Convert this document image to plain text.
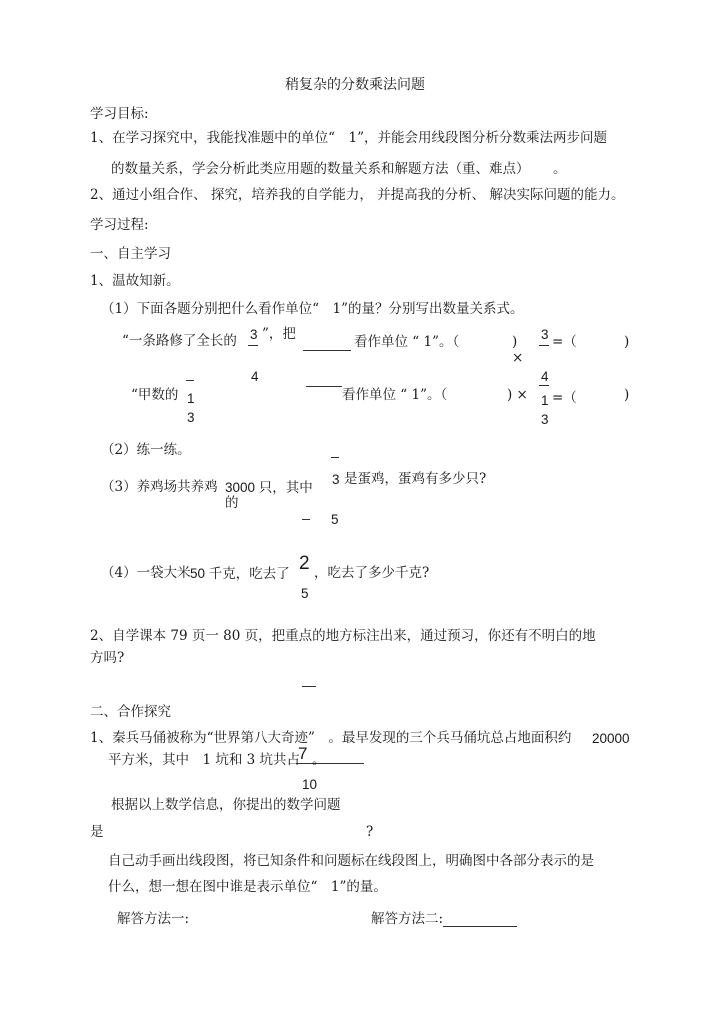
稍复杂的分数乘法问题
学习目标:
1、在学习探究中，我能找准题中的单位“　1”，并能会用线段图分析分数乘法两步问题
的数量关系，学会分析此类应用题的数量关系和解题方法（重、难点） 。
2、通过小组合作、 探究，培养我的自学能力， 并提高我的分析、 解决实际问题的能力。
学习过程:
一、自主学习
1、温故知新。
（1）下面各题分别把什么看作单位“　1”的量？分别写出数量关系式。
“一条路修了全长的 3
4
”，把	看作单位 “ 1”。（	)
×
3
4
=（	)
“甲数的 1
3
看作单位 “ 1”。（	) × 1
3
=（	)
（2）练一练。
（3）养鸡场共养鸡 3000 只，其中
的
3
5
是蛋鸡，蛋鸡有多少只?
（4）一袋大米 50 千克，吃去了 2
5
，吃去了多少千克?
2、自学课本 79 页一 80 页，把重点的地方标注出来，通过预习，你还有不明白的地
方吗?
二、合作探究
1、秦兵马俑被称为“世界第八大奇迹”　。最早发现的三个兵马俑坑总占地面积约 20000
平方米，其中　1 坑和 3 坑共占
7
10
。
根据以上数学信息，你提出的数学问题
是	?
自己动手画出线段图，将已知条件和问题标在线段图上，明确图中各部分表示的是
什么，想一想在图中谁是表示单位“　1”的量。
解答方法一:	解答方法二:
